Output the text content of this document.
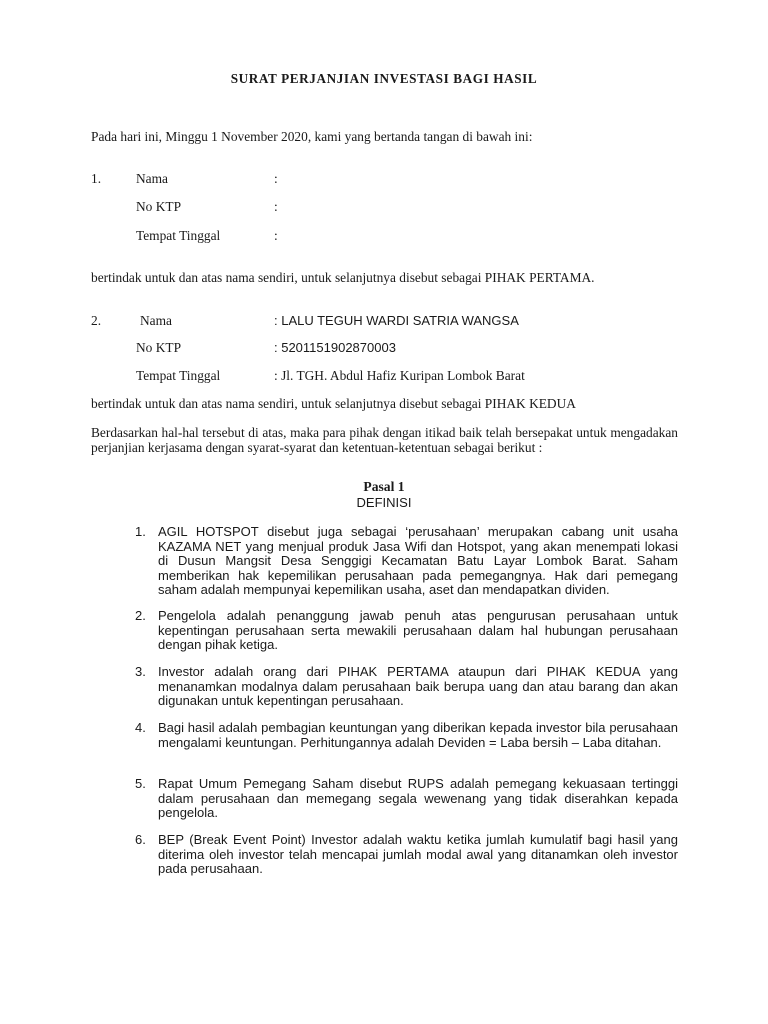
SURAT PERJANJIAN INVESTASI BAGI HASIL
Pada hari ini, Minggu 1 November 2020, kami yang bertanda tangan di bawah ini:
1.	Nama	:
No KTP	:
Tempat Tinggal	:
bertindak untuk dan atas nama sendiri, untuk selanjutnya disebut sebagai PIHAK PERTAMA.
2.	Nama	: LALU TEGUH WARDI SATRIA WANGSA
No KTP	: 5201151902870003
Tempat Tinggal	: Jl. TGH. Abdul Hafiz Kuripan Lombok Barat
bertindak untuk dan atas nama sendiri, untuk selanjutnya disebut sebagai PIHAK KEDUA
Berdasarkan hal-hal tersebut di atas, maka para pihak dengan itikad baik telah bersepakat untuk mengadakan perjanjian kerjasama dengan syarat-syarat dan ketentuan-ketentuan sebagai berikut :
Pasal 1
DEFINISI
1. AGIL HOTSPOT disebut juga sebagai ‘perusahaan’ merupakan cabang unit usaha KAZAMA NET yang menjual produk Jasa Wifi dan Hotspot, yang akan menempati lokasi di Dusun Mangsit Desa Senggigi Kecamatan Batu Layar Lombok Barat. Saham memberikan hak kepemilikan perusahaan pada pemegangnya. Hak dari pemegang saham adalah mempunyai kepemilikan usaha, aset dan mendapatkan dividen.
2. Pengelola adalah penanggung jawab penuh atas pengurusan perusahaan untuk kepentingan perusahaan serta mewakili perusahaan dalam hal hubungan perusahaan dengan pihak ketiga.
3. Investor adalah orang dari PIHAK PERTAMA ataupun dari PIHAK KEDUA yang menanamkan modalnya dalam perusahaan baik berupa uang dan atau barang dan akan digunakan untuk kepentingan perusahaan.
4. Bagi hasil adalah pembagian keuntungan yang diberikan kepada investor bila perusahaan mengalami keuntungan. Perhitungannya adalah Deviden = Laba bersih – Laba ditahan.
5. Rapat Umum Pemegang Saham disebut RUPS adalah pemegang kekuasaan tertinggi dalam perusahaan dan memegang segala wewenang yang tidak diserahkan kepada pengelola.
6. BEP (Break Event Point) Investor adalah waktu ketika jumlah kumulatif bagi hasil yang diterima oleh investor telah mencapai jumlah modal awal yang ditanamkan oleh investor pada perusahaan.
